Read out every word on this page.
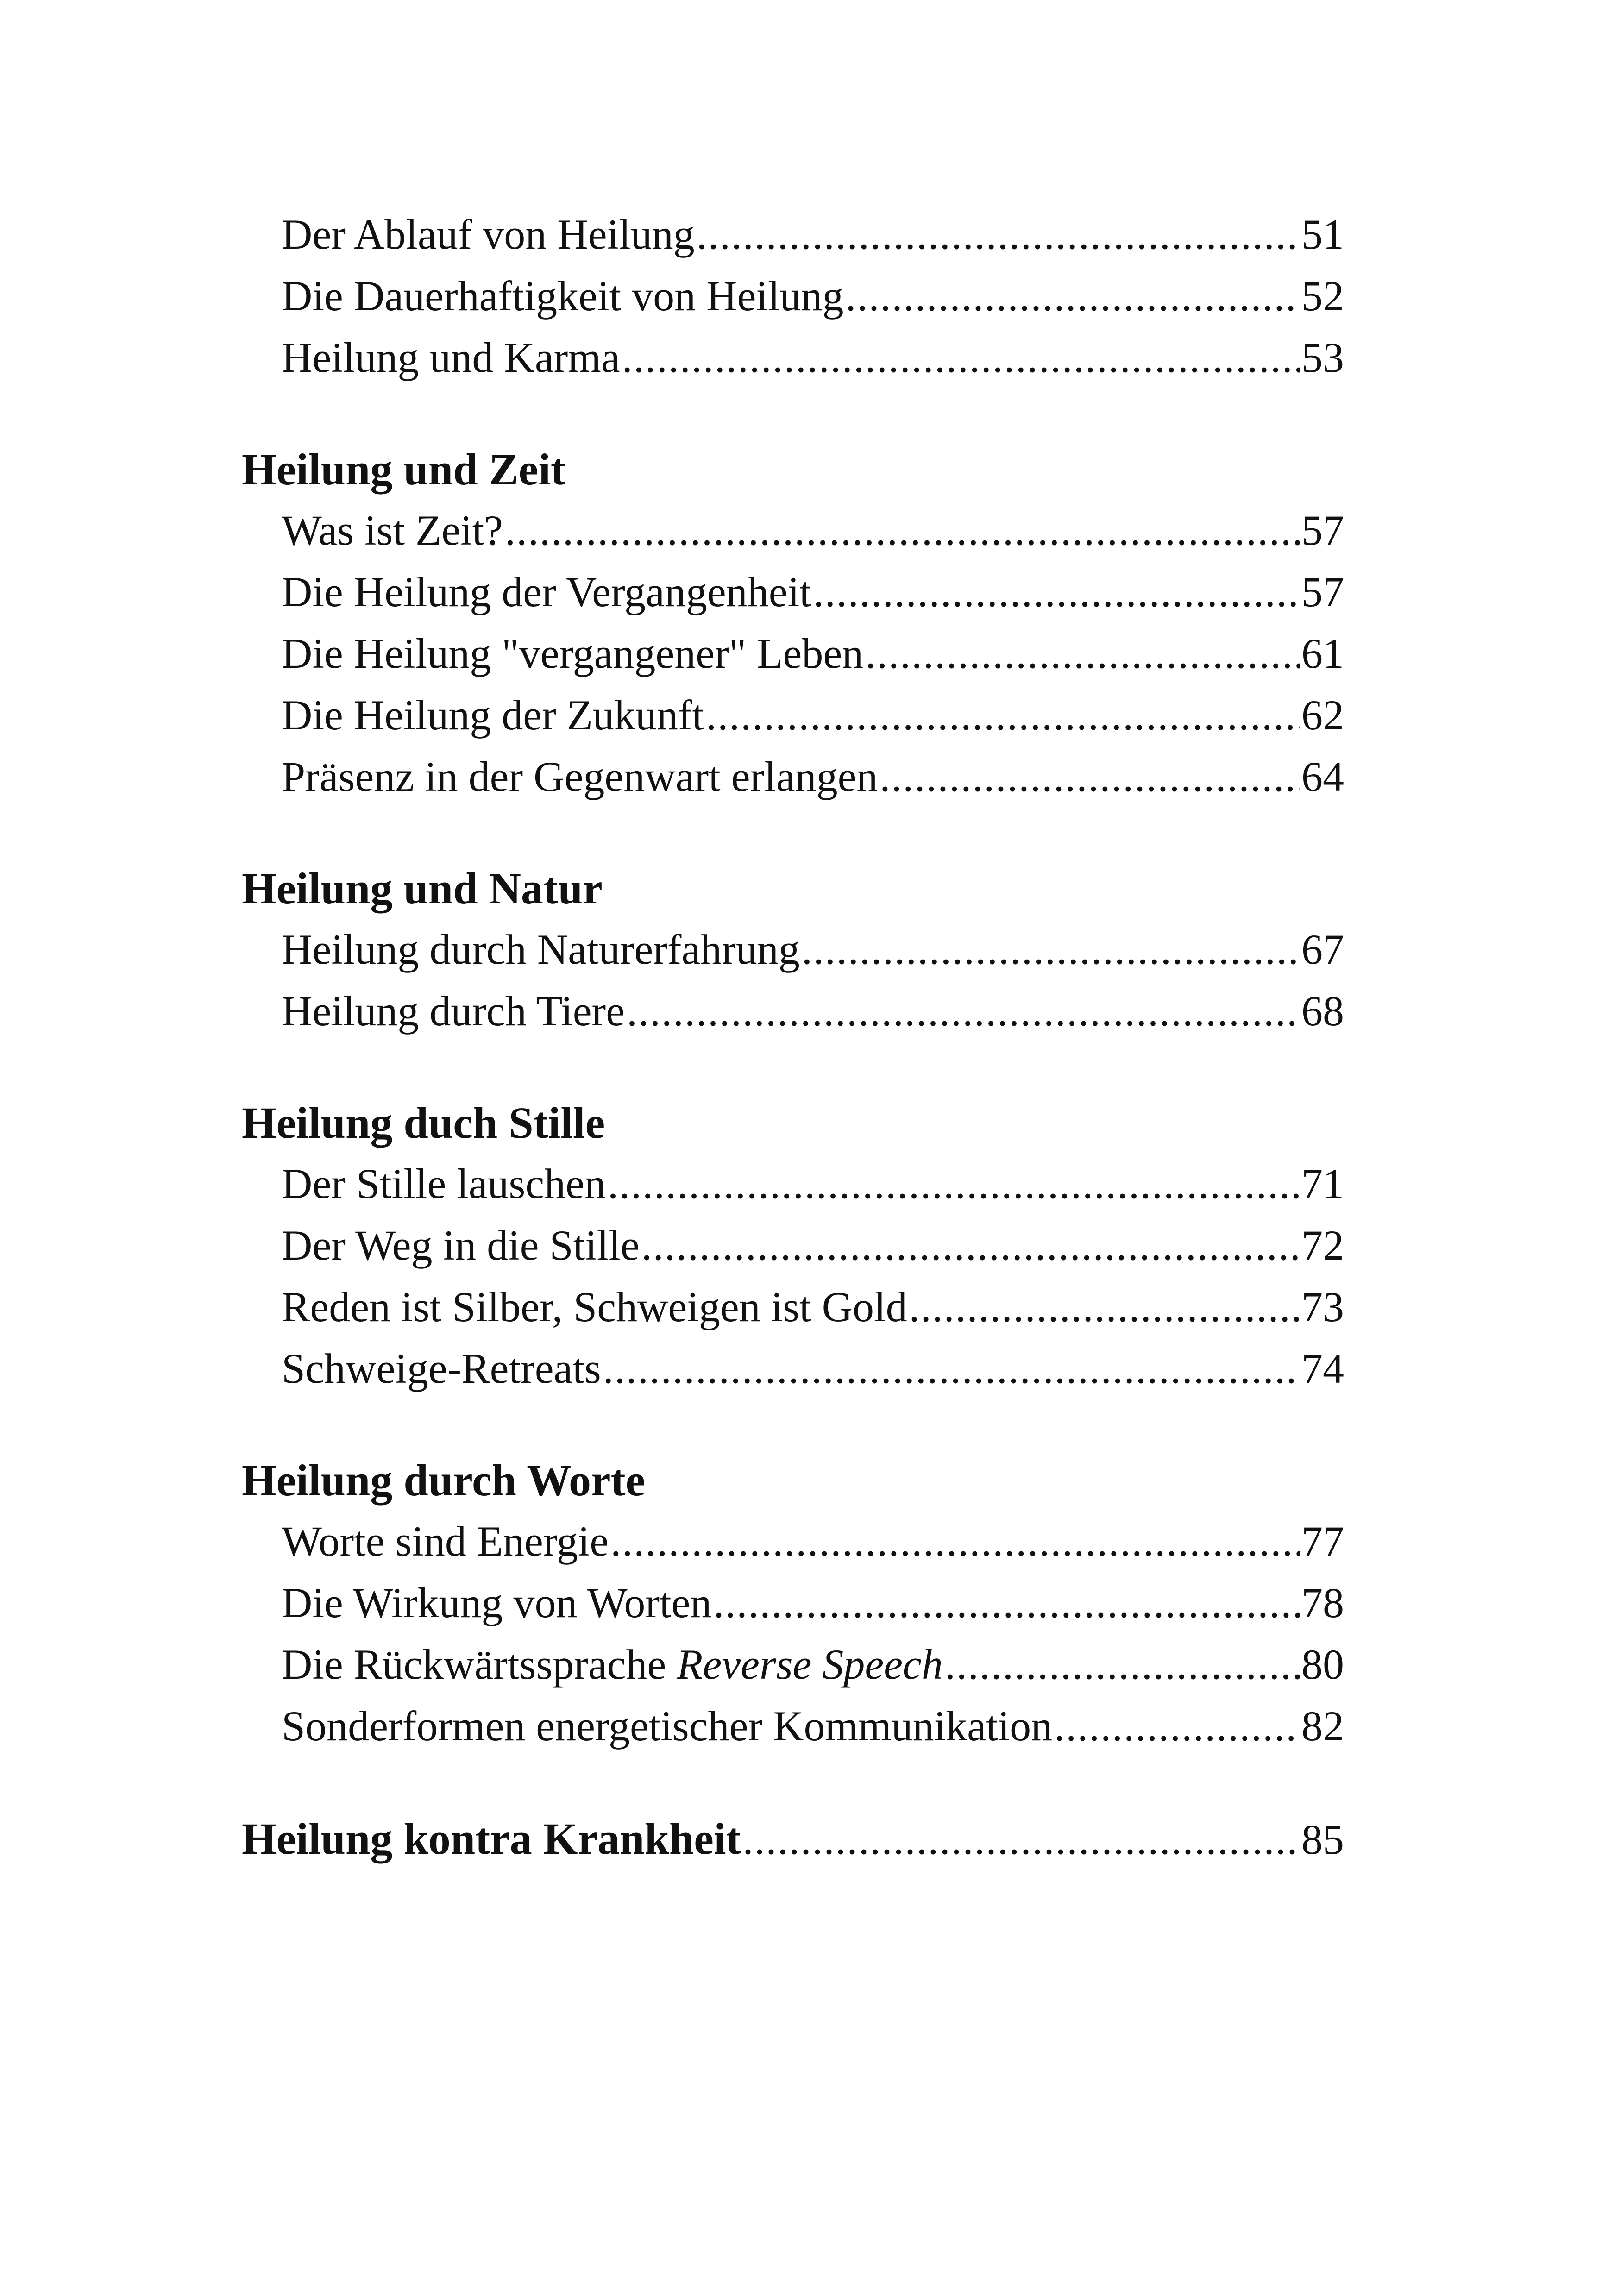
Der Ablauf von Heilung .....	51
Die Dauerhaftigkeit von Heilung .....	52
Heilung und Karma .....	53
Heilung und Zeit
Was ist Zeit? .....	57
Die Heilung der Vergangenheit .....	57
Die Heilung "vergangener" Leben .....	61
Die Heilung der Zukunft .....	62
Präsenz in der Gegenwart erlangen .....	64
Heilung und Natur
Heilung durch Naturerfahrung .....	67
Heilung durch Tiere .....	68
Heilung duch Stille
Der Stille lauschen .....	71
Der Weg in die Stille .....	72
Reden ist Silber, Schweigen ist Gold .....	73
Schweige-Retreats .....	74
Heilung durch Worte
Worte sind Energie .....	77
Die Wirkung von Worten .....	78
Die Rückwärtssprache Reverse Speech .....	80
Sonderformen energetischer Kommunikation .....	82
Heilung kontra Krankheit .....	85
